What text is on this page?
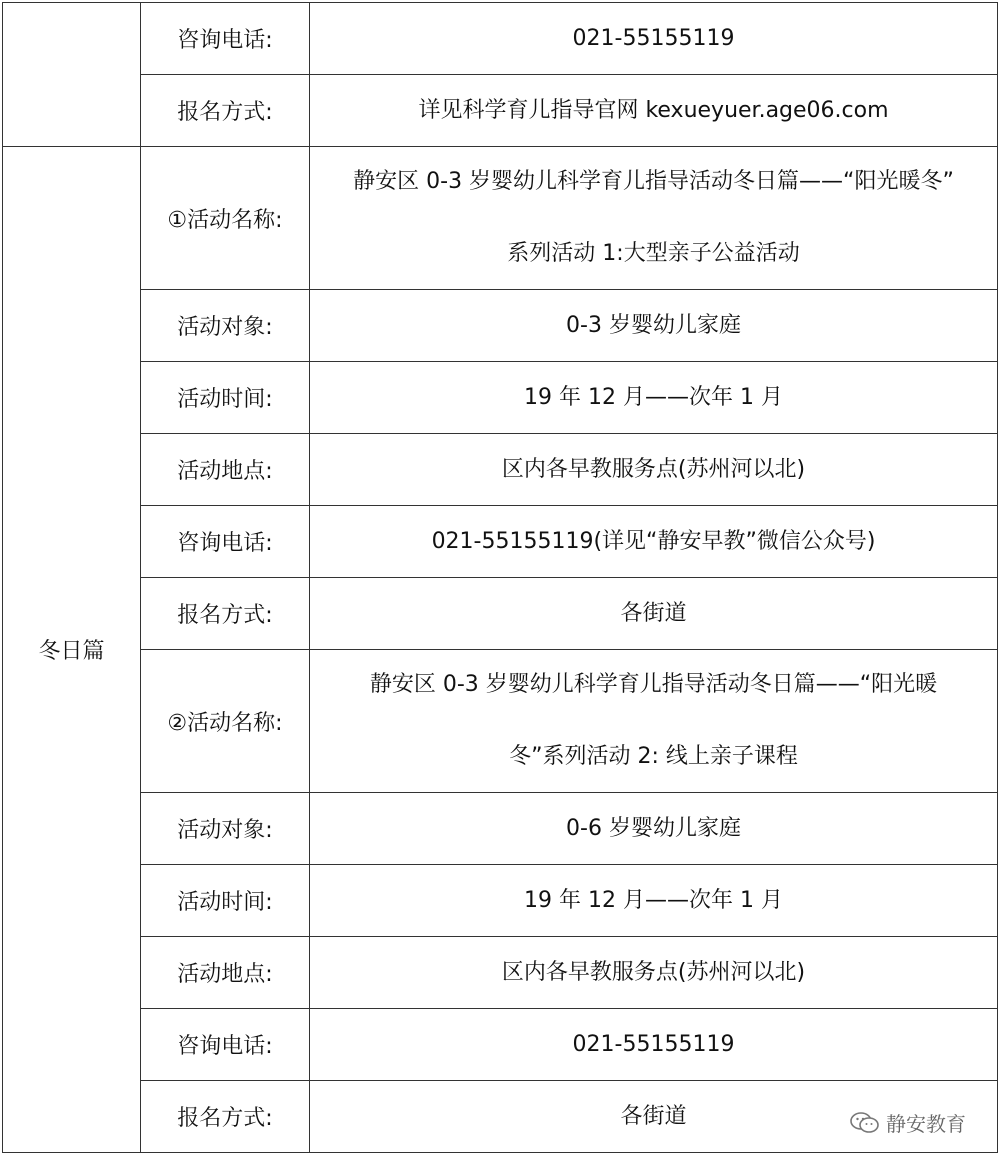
	咨询电话:	021-55155119
	报名方式:	详见科学育儿指导官网 kexueyuer.age06.com
冬日篇	①活动名称:	静安区 0-3 岁婴幼儿科学育儿指导活动冬日篇——“阳光暖冬”
系列活动 1:大型亲子公益活动

	活动对象:	0-3 岁婴幼儿家庭
	活动时间:	19 年 12 月——次年 1 月
	活动地点:	区内各早教服务点(苏州河以北)
	咨询电话:	021-55155119(详见“静安早教”微信公众号)
	报名方式:	各街道
	②活动名称:	静安区 0-3 岁婴幼儿科学育儿指导活动冬日篇——“阳光暖
冬”系列活动 2: 线上亲子课程

	活动对象:	0-6 岁婴幼儿家庭
	活动时间:	19 年 12 月——次年 1 月
	活动地点:	区内各早教服务点(苏州河以北)
	咨询电话:	021-55155119
	报名方式:	各街道	静安教育
